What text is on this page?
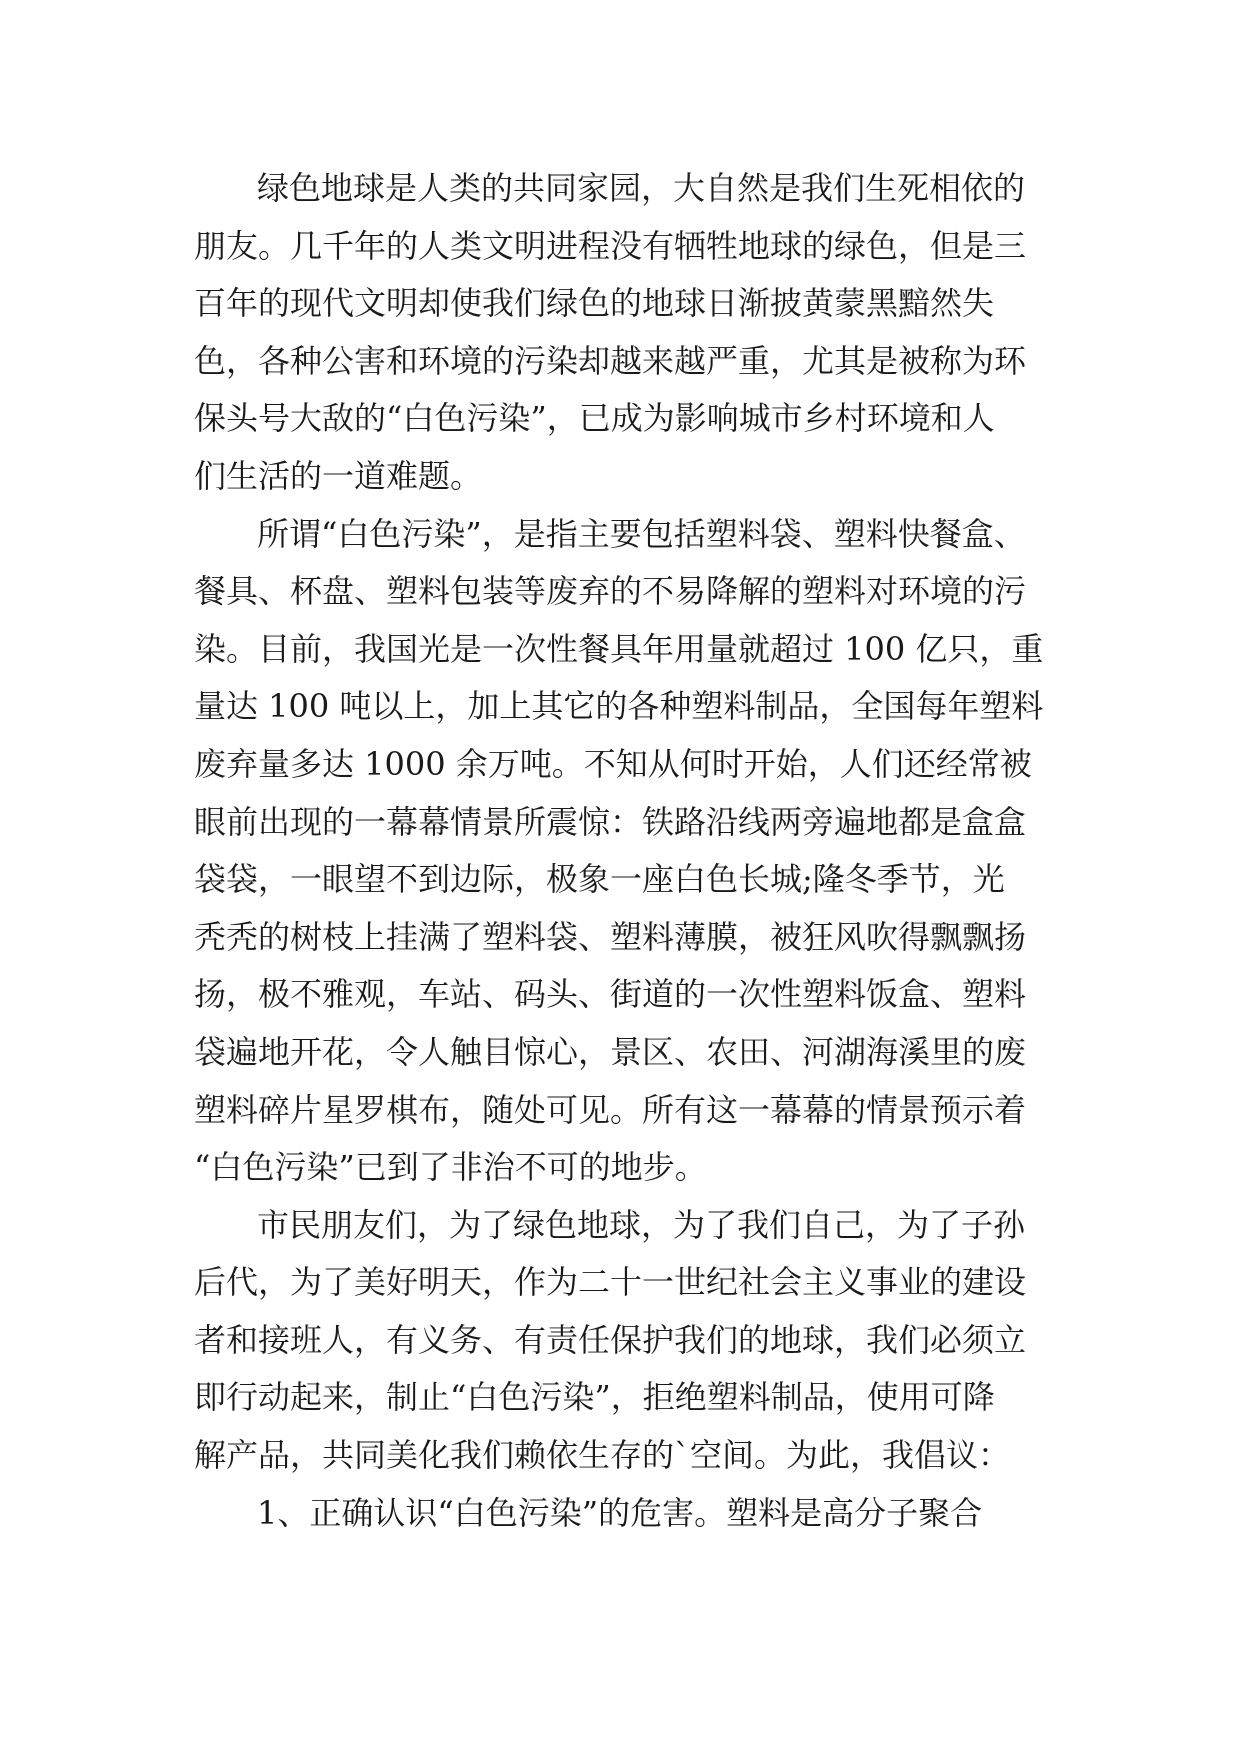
绿色地球是人类的共同家园，大自然是我们生死相依的
朋友。几千年的人类文明进程没有牺牲地球的绿色，但是三
百年的现代文明却使我们绿色的地球日渐披黄蒙黑黯然失
色，各种公害和环境的污染却越来越严重，尤其是被称为环
保头号大敌的“白色污染”，已成为影响城市乡村环境和人
们生活的一道难题。
所谓“白色污染”，是指主要包括塑料袋、塑料快餐盒、
餐具、杯盘、塑料包装等废弃的不易降解的塑料对环境的污
染。目前，我国光是一次性餐具年用量就超过 100 亿只，重
量达 100 吨以上，加上其它的各种塑料制品，全国每年塑料
废弃量多达 1000 余万吨。不知从何时开始，人们还经常被
眼前出现的一幕幕情景所震惊：铁路沿线两旁遍地都是盒盒
袋袋，一眼望不到边际，极象一座白色长城;隆冬季节，光
秃秃的树枝上挂满了塑料袋、塑料薄膜，被狂风吹得飘飘扬
扬，极不雅观，车站、码头、街道的一次性塑料饭盒、塑料
袋遍地开花，令人触目惊心，景区、农田、河湖海溪里的废
塑料碎片星罗棋布，随处可见。所有这一幕幕的情景预示着
“白色污染”已到了非治不可的地步。
市民朋友们，为了绿色地球，为了我们自己，为了子孙
后代，为了美好明天，作为二十一世纪社会主义事业的建设
者和接班人，有义务、有责任保护我们的地球，我们必须立
即行动起来，制止“白色污染”，拒绝塑料制品，使用可降
解产品，共同美化我们赖依生存的`空间。为此，我倡议：
1、正确认识“白色污染”的危害。塑料是高分子聚合
